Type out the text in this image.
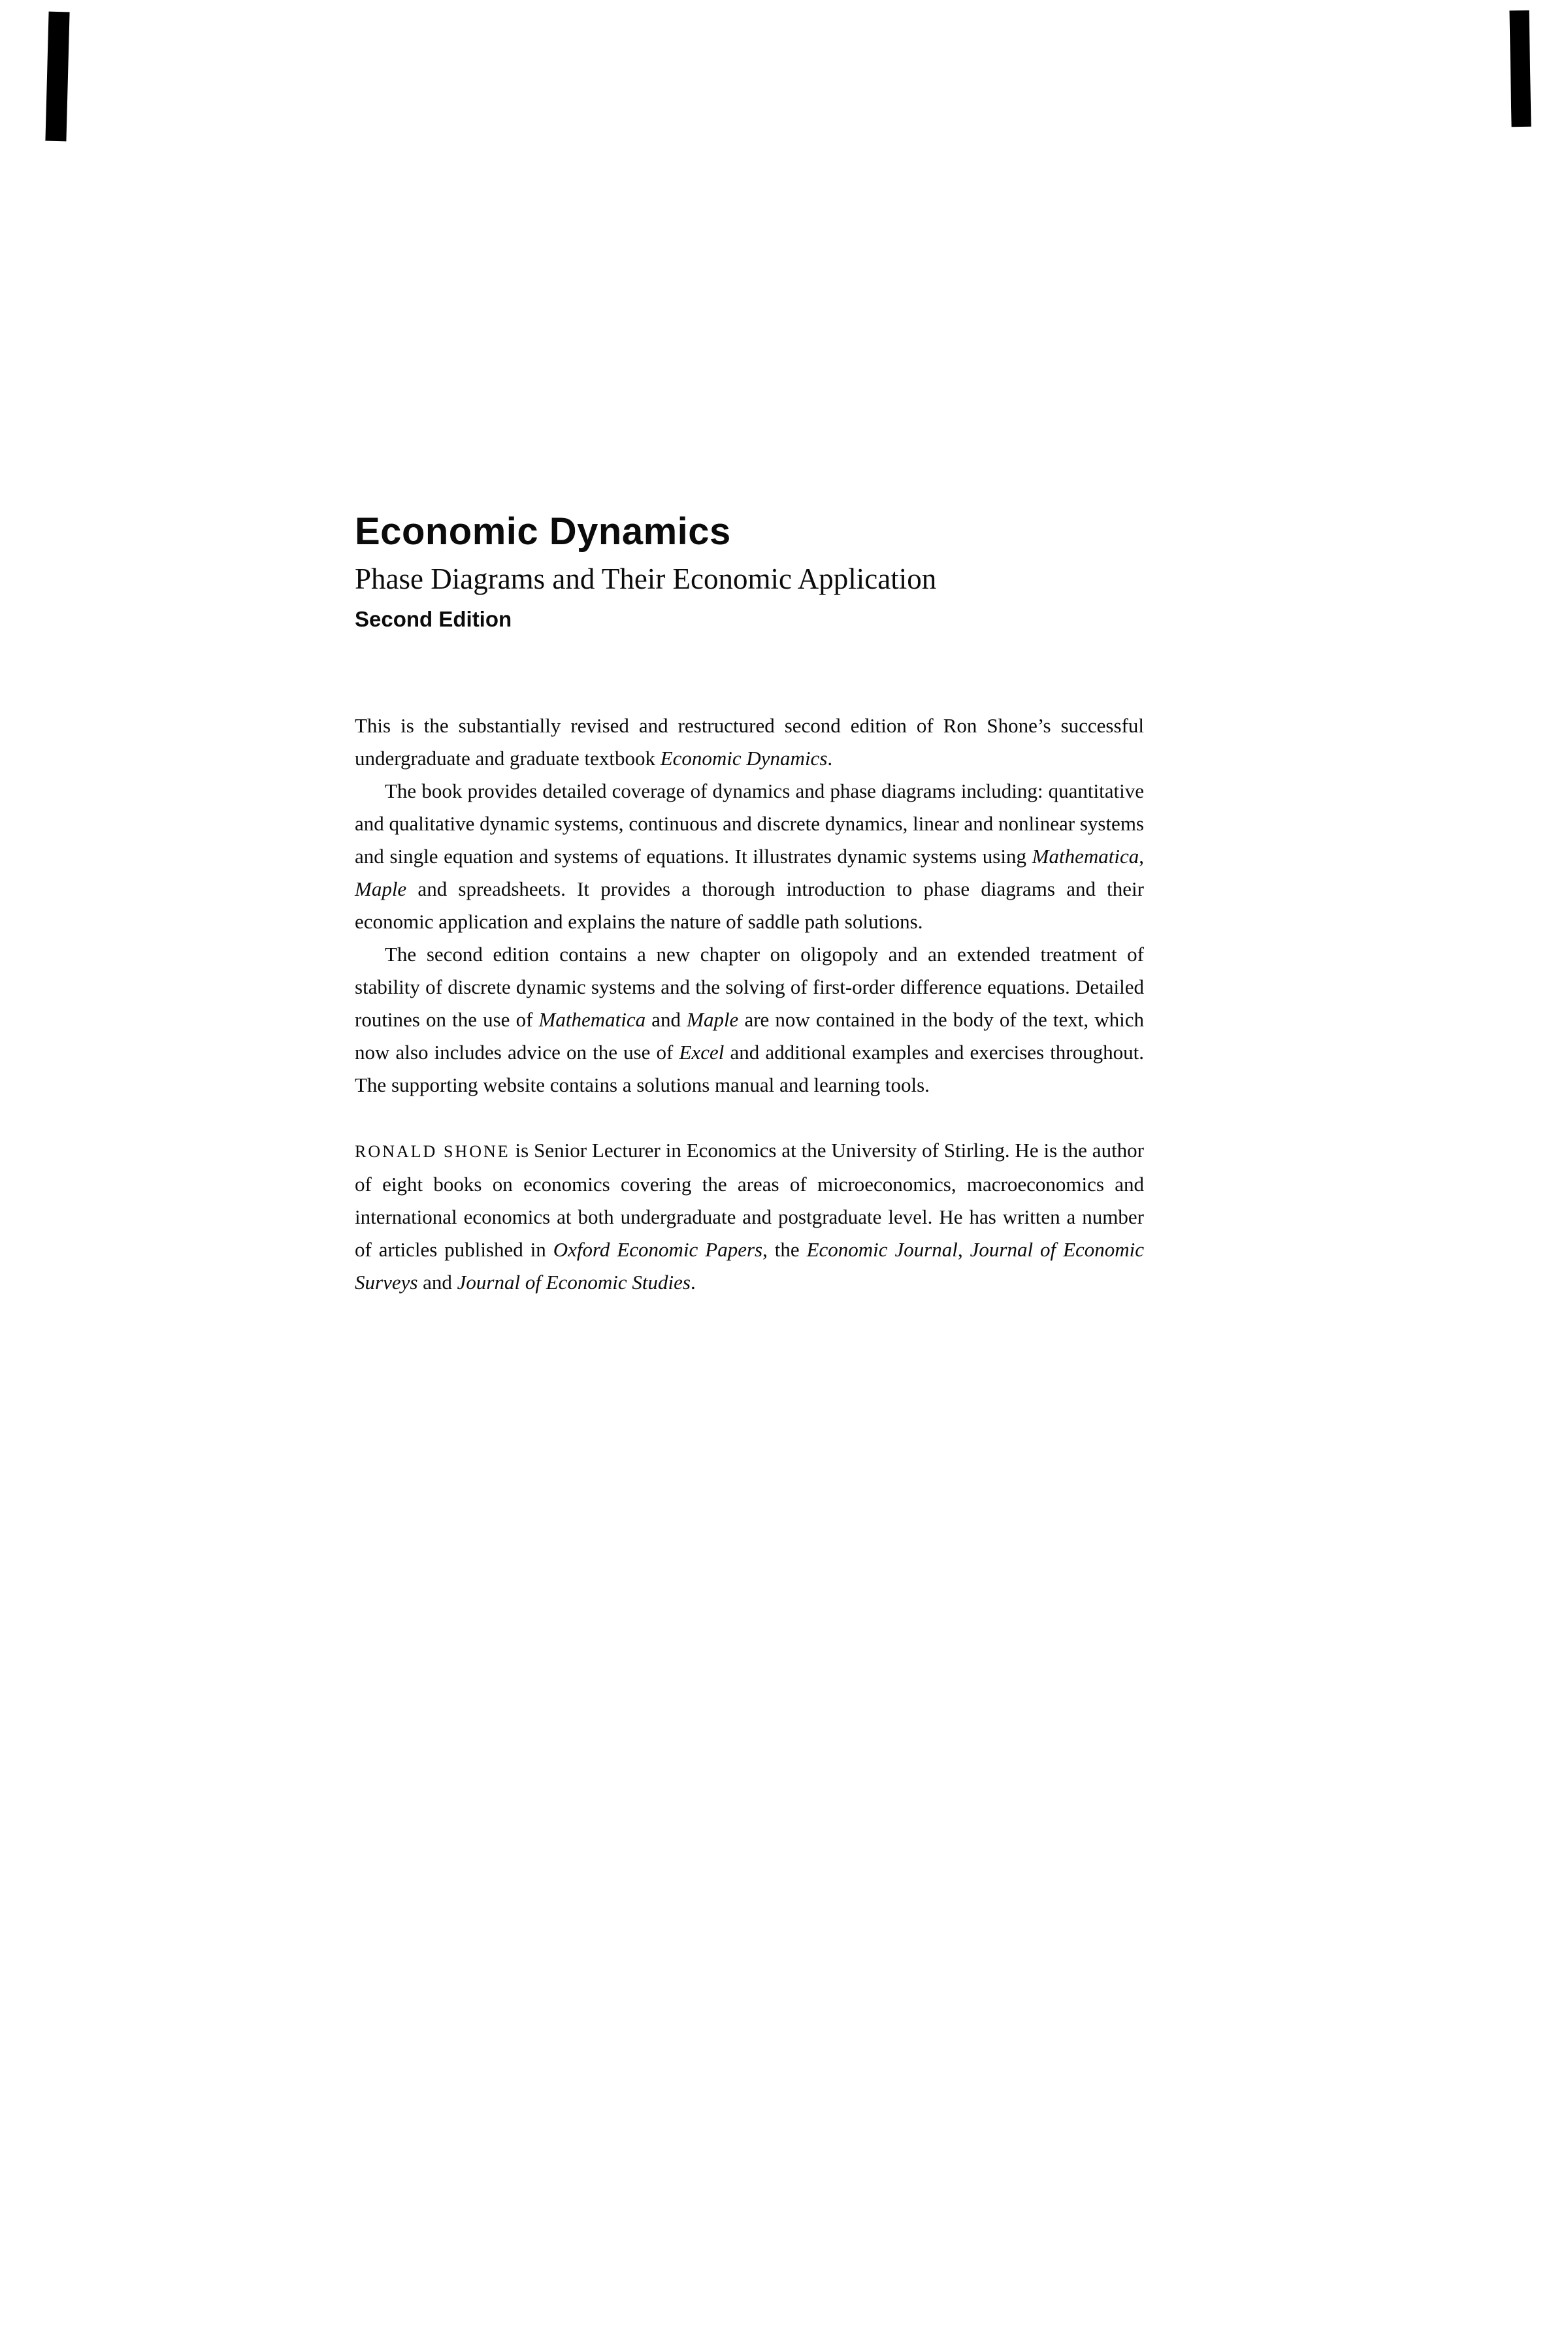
Economic Dynamics
Phase Diagrams and Their Economic Application
Second Edition

This is the substantially revised and restructured second edition of Ron Shone’s successful undergraduate and graduate textbook Economic Dynamics.

The book provides detailed coverage of dynamics and phase diagrams including: quantitative and qualitative dynamic systems, continuous and discrete dynamics, linear and nonlinear systems and single equation and systems of equations. It illustrates dynamic systems using Mathematica, Maple and spreadsheets. It provides a thorough introduction to phase diagrams and their economic application and explains the nature of saddle path solutions.

The second edition contains a new chapter on oligopoly and an extended treatment of stability of discrete dynamic systems and the solving of first-order difference equations. Detailed routines on the use of Mathematica and Maple are now contained in the body of the text, which now also includes advice on the use of Excel and additional examples and exercises throughout. The supporting website contains a solutions manual and learning tools.

RONALD SHONE is Senior Lecturer in Economics at the University of Stirling. He is the author of eight books on economics covering the areas of microeconomics, macroeconomics and international economics at both undergraduate and postgraduate level. He has written a number of articles published in Oxford Economic Papers, the Economic Journal, Journal of Economic Surveys and Journal of Economic Studies.
